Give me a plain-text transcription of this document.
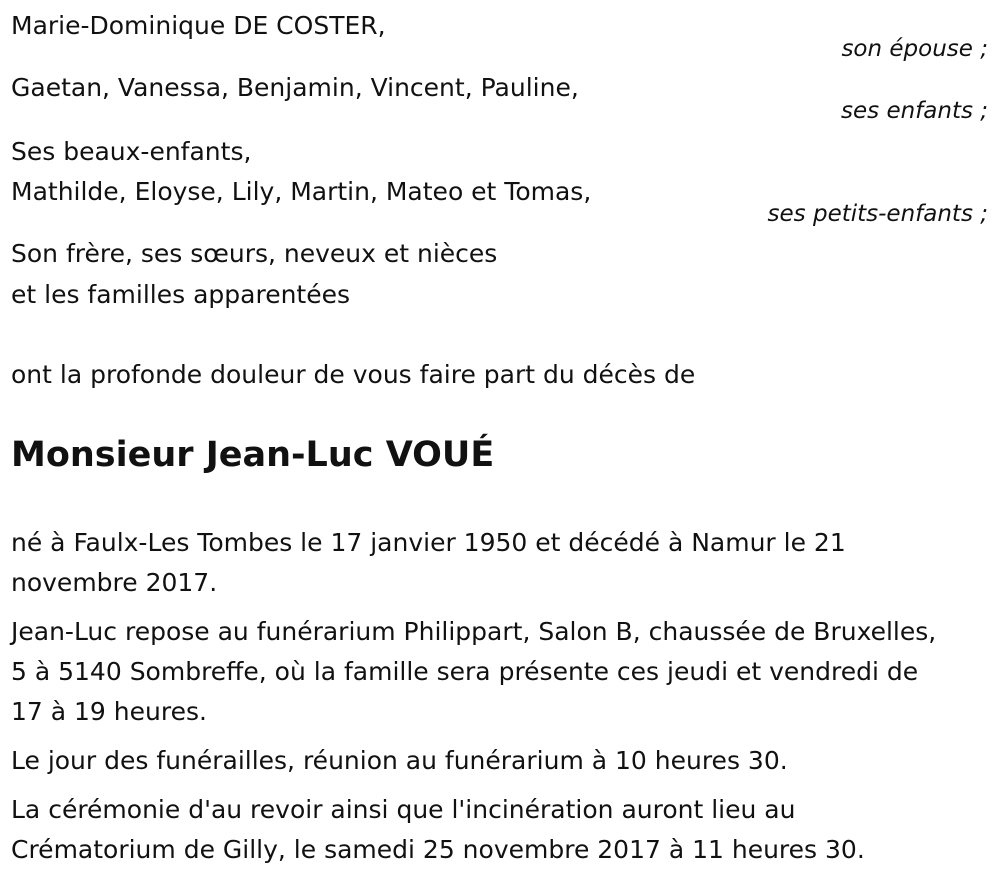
Marie-Dominique DE COSTER,
son épouse ;
Gaetan, Vanessa, Benjamin, Vincent, Pauline,
ses enfants ;
Ses beaux-enfants,
Mathilde, Eloyse, Lily, Martin, Mateo et Tomas,
ses petits-enfants ;
Son frère, ses sœurs, neveux et nièces
et les familles apparentées
ont la profonde douleur de vous faire part du décès de
Monsieur Jean-Luc VOUÉ
né à Faulx-Les Tombes le 17 janvier 1950 et décédé à Namur le 21
novembre 2017.
Jean-Luc repose au funérarium Philippart, Salon B, chaussée de Bruxelles,
5 à 5140 Sombreffe, où la famille sera présente ces jeudi et vendredi de
17 à 19 heures.
Le jour des funérailles, réunion au funérarium à 10 heures 30.
La cérémonie d'au revoir ainsi que l'incinération auront lieu au
Crématorium de Gilly, le samedi 25 novembre 2017 à 11 heures 30.
